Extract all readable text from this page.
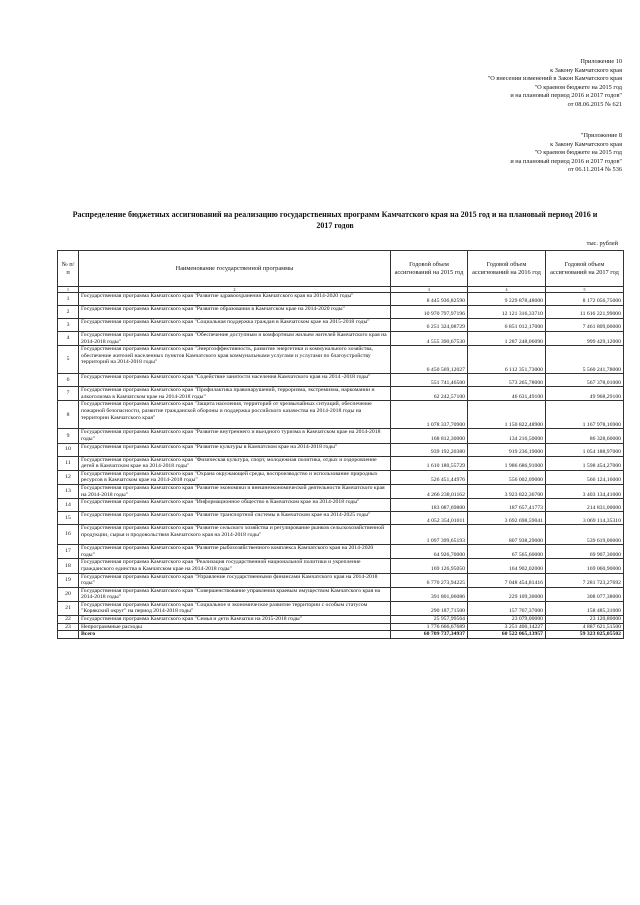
Приложение 10
к Закону Камчатского края
"О внесении изменений в Закон Камчатского края
"О краевом бюджете на 2015 год
и на плановый период 2016 и 2017 годов"
от 08.06.2015 № 621
"Приложение 8
к Закону Камчатского края
"О краевом бюджете на 2015 год
и на плановый период 2016 и 2017 годов"
от 06.11.2014 № 536
Распределение бюджетных ассигнований на реализацию государственных программ Камчатского края на 2015 год и на плановый период 2016 и 2017 годов
тыс. рублей
№ п/п	Наименование государственной программы	Годовой объем ассигнований на 2015 год	Годовой объем ассигнований на 2016 год	Годовой объем ассигнований на 2017 год
1	2	3	4	5
1	Государственная программа Камчатского края "Развитие здравоохранения Камчатского края на 2014-2020 годы"	8 445 936,82590	9 229 878,48000	8 172 056,75000
2	Государственная программа Камчатского края "Развитие образования в Камчатском крае на 2014-2020 годы"	10 970 797,97196	12 121 316,33710	11 616 221,99000
3	Государственная программа Камчатского края "Социальная поддержка граждан в Камчатском крае на 2015-2018 годы"	6 251 324,08729	6 851 012,17000	7 461 809,00000
4	Государственная программа Камчатского края "Обеспечение доступным и комфортным жильем жителей Камчатского края на 2014-2018 годы"	4 555 390,67530	1 287 248,06090	999 429,12000
5	Государственная программа Камчатского края "Энергоэффективность, развитие энергетики и коммунального хозяйства, обеспечение жителей населенных пунктов Камчатского края коммунальными услугами и услугами по благоустройству территорий на 2014-2018 годы"	6 450 569,12027	6 112 351,73000	5 560 241,78000
6	Государственная программа Камчатского края "Содействие занятости населения Камчатского края на 2014 -2018 годы"	551 741,46500	573 265,78000	567 378,01000
7	Государственная программа Камчатского края "Профилактика правонарушений, терроризма, экстремизма, наркомании и алкоголизма в Камчатском крае на 2014-2018 годы"	62 242,57100	46 631,49100	49 968,29100
8	Государственная программа Камчатского края "Защита населения, территорий от чрезвычайных ситуаций, обеспечение пожарной безопасности, развитие гражданской обороны и поддержка российского казачества на 2014-2018 годы на территории Камчатского края"	1 078 337,70900	1 150 822,48900	1 167 978,16900
9	Государственная программа Камчатского края "Развитие внутреннего и въездного туризма в Камчатском крае на 2014-2018 годы"	168 812,30000	134 216,50000	86 328,60000
10	Государственная программа Камчатского края "Развитие культуры в Камчатском крае на 2014-2018 годы"	939 192,20380	919 236,19000	1 054 188,97000
11	Государственная программа Камчатского края "Физическая культура, спорт, молодежная политика, отдых и оздоровление детей в Камчатском крае на 2014-2018 годы"	1 610 180,55729	1 986 686,91000	1 598 454,27000
12	Государственная программа Камчатского края "Охрана окружающей среды, воспроизводство и использование природных ресурсов в Камчатском крае на 2014-2018 годы"	526 451,44976	556 002,09000	566 124,16000
13	Государственная программа Камчатского края "Развитие экономики и внешнеэкономической деятельности Камчатского края на 2014-2018 годы"	4 266 238,01162	3 923 822,36700	3 403 134,41000
14	Государственная программа Камчатского края "Информационное общество в Камчатском крае на 2014-2018 годы"	183 087,69800	187 657,41773	214 831,00000
15	Государственная программа Камчатского края "Развитие транспортной системы в Камчатском крае на 2014-2025 годы"	4 052 354,01011	3 692 698,59041	3 069 114,35310
16	Государственная программа Камчатского края "Развитие сельского хозяйства и регулирование рынков сельскохозяйственной продукции, сырья и продовольствия Камчатского края на 2014-2018 годы"	1 097 399,65193	807 938,29000	539 619,00000
17	Государственная программа Камчатского края "Развитие рыбохозяйственного комплекса Камчатского края на 2014-2020 годы"	64 926,70000	67 565,60000	69 907,30000
18	Государственная программа Камчатского края "Реализация государственной национальной политики и укрепление гражданского единства в Камчатском крае на 2014-2018 годы"	169 126,95050	164 902,02000	169 060,90000
19	Государственная программа Камчатского края "Управление государственными финансами Камчатского края на 2014-2018 годы"	6 770 273,94225	7 048 454,81416	7 281 723,27692
20	Государственная программа Камчатского края "Совершенствование управления краевым имуществом Камчатского края на 2014-2018 годы"	391 801,06086	229 109,30000	308 077,38000
21	Государственная программа Камчатского края "Социальное и экономическое развитие территории с особым статусом "Корякский округ" на период 2014-2018 годы"	290 187,71500	157 767,37000	158 485,31000
22	Государственная программа Камчатского края "Семья и дети Камчатки на 2015-2018 годы"	25 957,99564	23 079,00000	23 120,80000
23	Непрограммные расходы	1 776 666,67689	3 251 400,14227	4 887 621,51500
	Всего	60 709 737,34937	60 522 065,13957	59 323 025,05502
